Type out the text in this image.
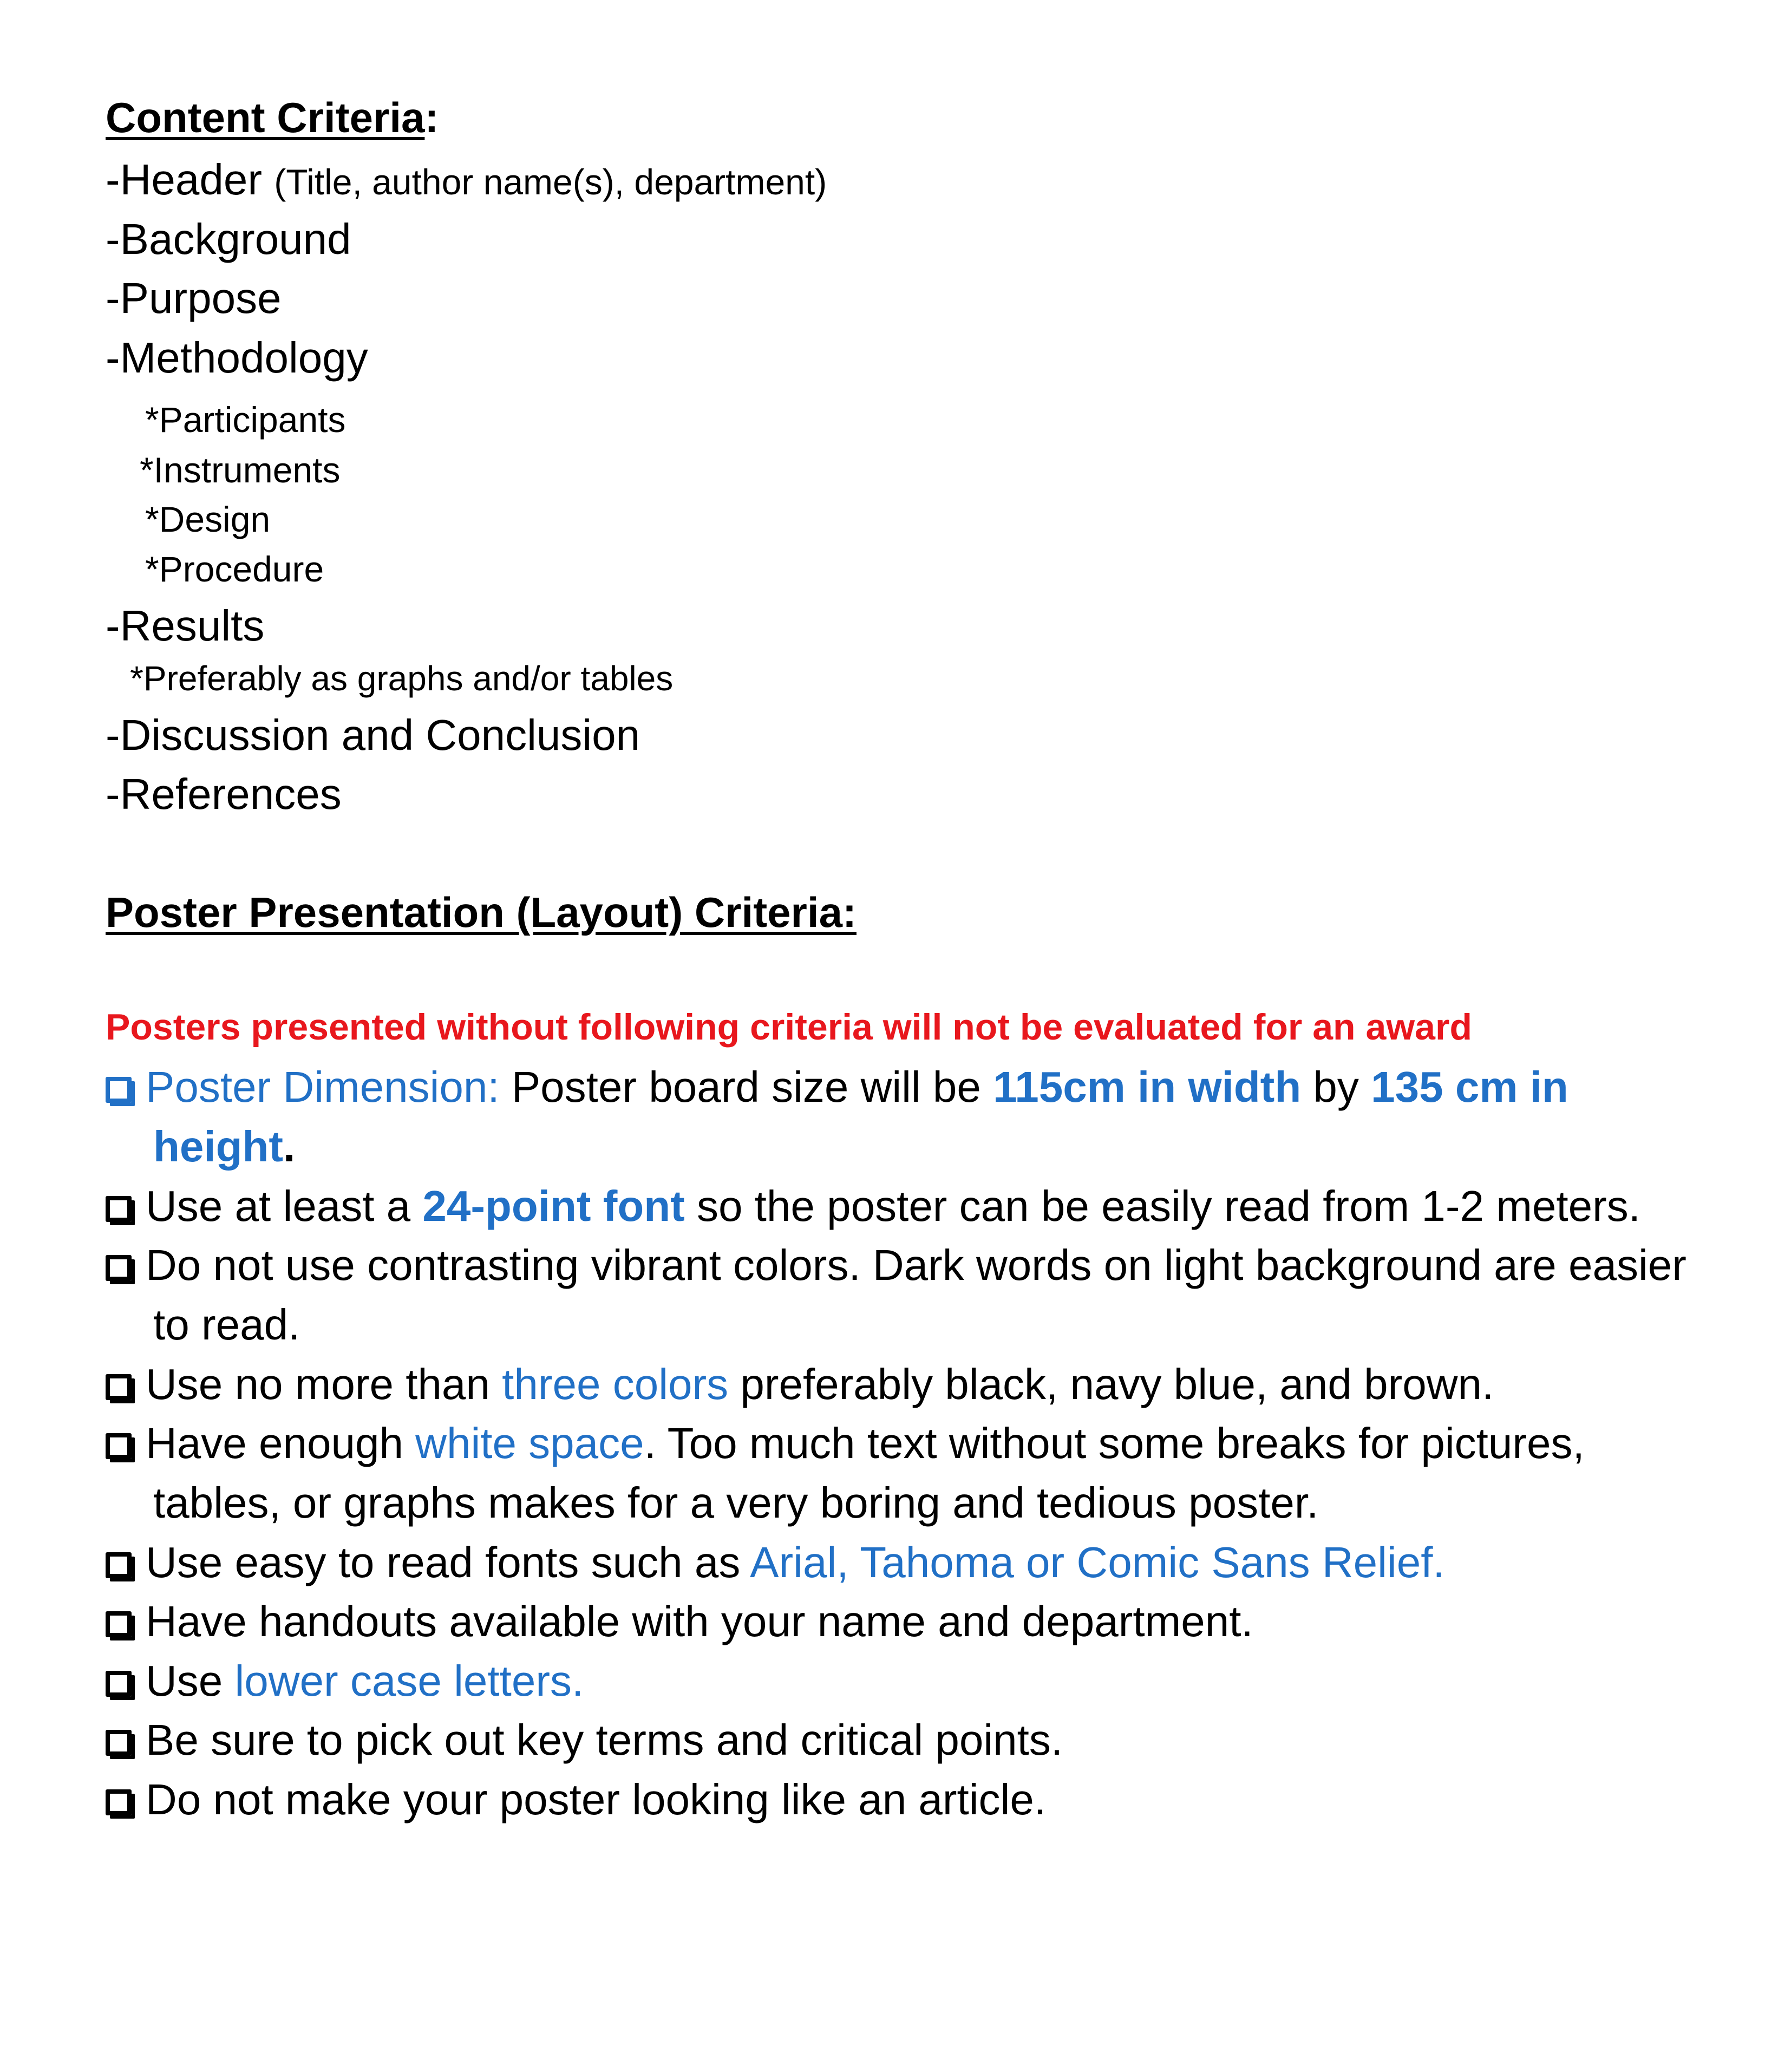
Content Criteria:
-Header (Title, author name(s), department)
-Background
-Purpose
-Methodology
*Participants
*Instruments
*Design
*Procedure
-Results
*Preferably as graphs and/or tables
-Discussion and Conclusion
-References
Poster Presentation (Layout) Criteria:
Posters presented without following criteria will not be evaluated for an award
Poster Dimension: Poster board size will be 115cm in width by 135 cm in
height.
Use at least a 24-point font so the poster can be easily read from 1-2 meters.
Do not use contrasting vibrant colors. Dark words on light background are easier
to read.
Use no more than three colors preferably black, navy blue, and brown.
Have enough white space. Too much text without some breaks for pictures,
tables, or graphs makes for a very boring and tedious poster.
Use easy to read fonts such as Arial, Tahoma or Comic Sans Relief.
Have handouts available with your name and department.
Use lower case letters.
Be sure to pick out key terms and critical points.
Do not make your poster looking like an article.
